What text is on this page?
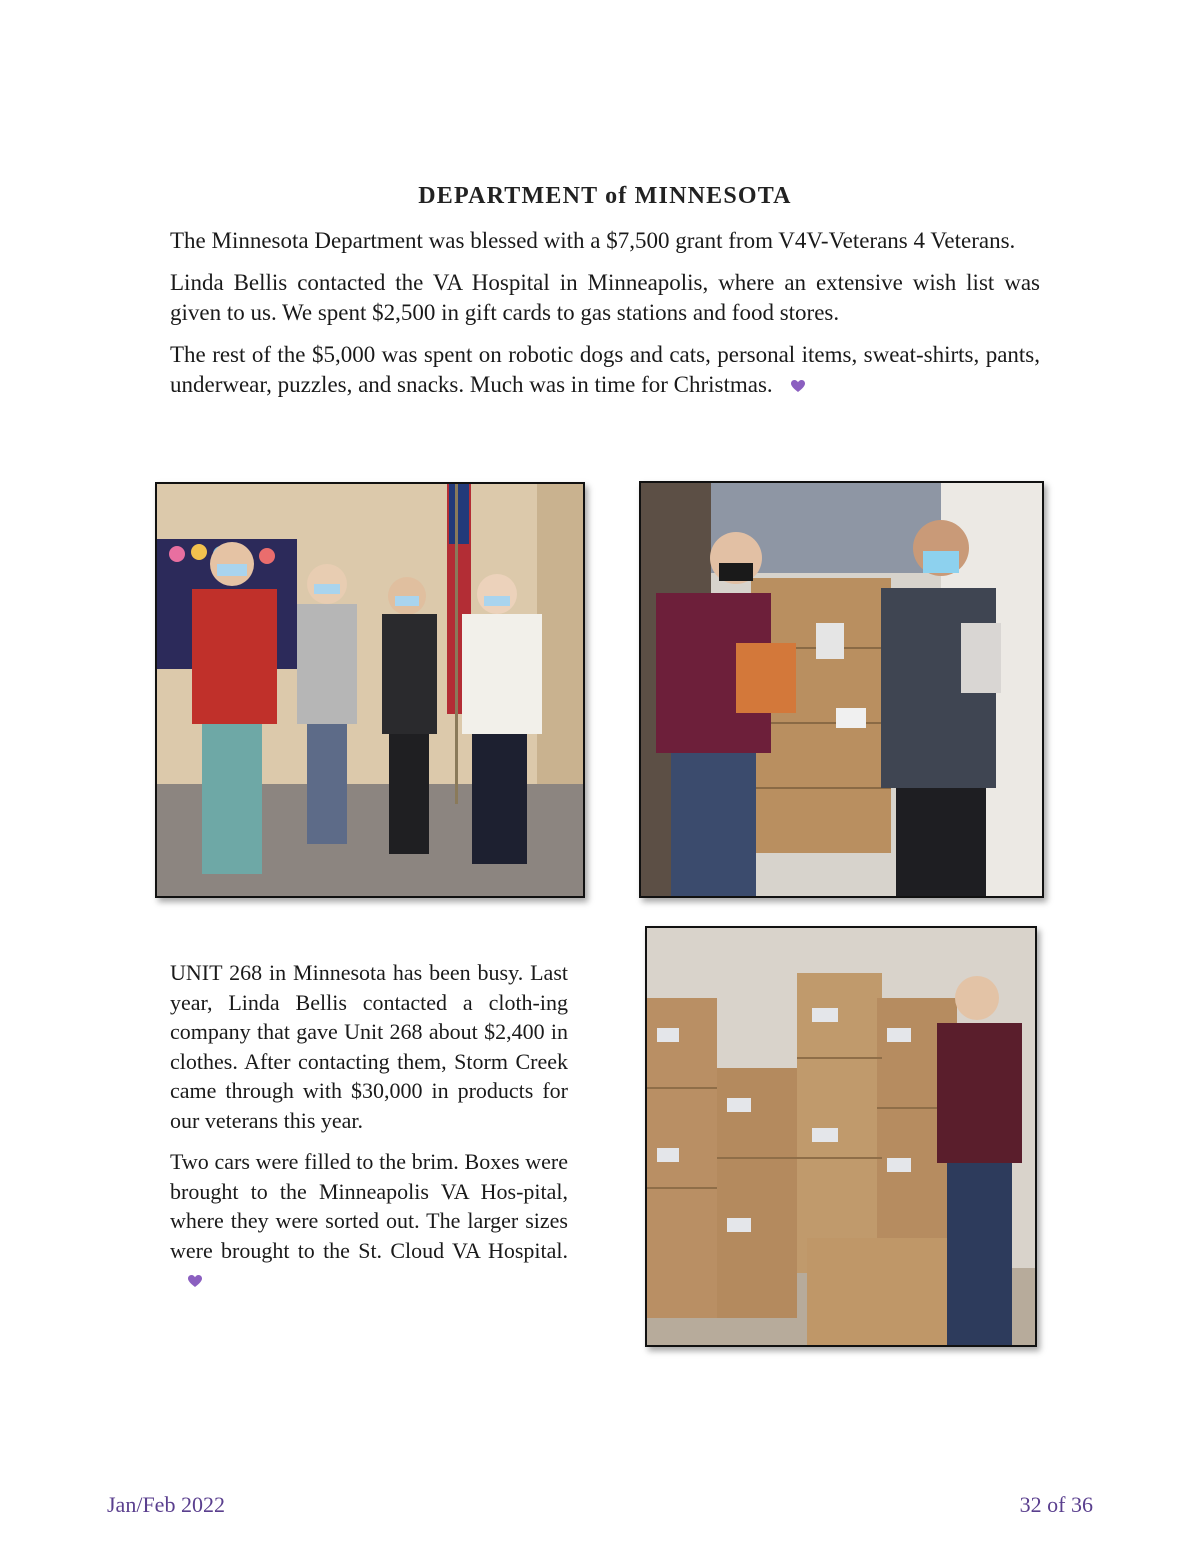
DEPARTMENT of MINNESOTA

The Minnesota Department was blessed with a $7,500 grant from V4V-Veterans 4 Veterans.

Linda Bellis contacted the VA Hospital in Minneapolis, where an extensive wish list was given to us. We spent $2,500 in gift cards to gas stations and food stores.

The rest of the $5,000 was spent on robotic dogs and cats, personal items, sweat-shirts, pants, underwear, puzzles, and snacks. Much was in time for Christmas.

UNIT 268 in Minnesota has been busy. Last year, Linda Bellis contacted a cloth-ing company that gave Unit 268 about $2,400 in clothes. After contacting them, Storm Creek came through with $30,000 in products for our veterans this year.

Two cars were filled to the brim. Boxes were brought to the Minneapolis VA Hos-pital, where they were sorted out. The larger sizes were brought to the St. Cloud VA Hospital.

Jan/Feb 2022	32 of 36
